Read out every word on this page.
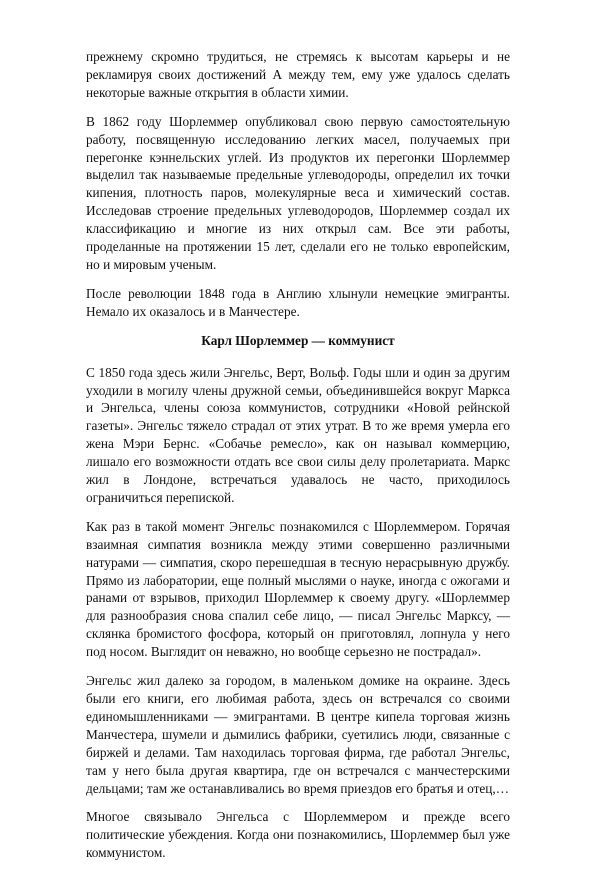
прежнему скромно трудиться, не стремясь к высотам карьеры и не рекламируя своих достижений А между тем, ему уже удалось сделать некоторые важные открытия в области химии.

В 1862 году Шорлеммер опубликовал свою первую самостоятельную работу, посвященную исследованию легких масел, получаемых при перегонке кэннельских углей. Из продуктов их перегонки Шорлеммер выделил так называемые предельные углеводороды, определил их точки кипения, плотность паров, молекулярные веса и химический состав. Исследовав строение предельных углеводородов, Шорлеммер создал их классификацию и многие из них открыл сам. Все эти работы, проделанные на протяжении 15 лет, сделали его не только европейским, но и мировым ученым.

После революции 1848 года в Англию хлынули немецкие эмигранты. Немало их оказалось и в Манчестере.

Карл Шорлеммер — коммунист

С 1850 года здесь жили Энгельс, Верт, Вольф. Годы шли и один за другим уходили в могилу члены дружной семьи, объединившейся вокруг Маркса и Энгельса, члены союза коммунистов, сотрудники «Новой рейнской газеты». Энгельс тяжело страдал от этих утрат. В то же время умерла его жена Мэри Бернс. «Собачье ремесло», как он называл коммерцию, лишало его возможности отдать все свои силы делу пролетариата. Маркс жил в Лондоне, встречаться удавалось не часто, приходилось ограничиться перепиской.

Как раз в такой момент Энгельс познакомился с Шорлеммером. Горячая взаимная симпатия возникла между этими совершенно различными натурами — симпатия, скоро перешедшая в тесную нерасрывную дружбу. Прямо из лаборатории, еще полный мыслями о науке, иногда с ожогами и ранами от взрывов, приходил Шорлеммер к своему другу. «Шорлеммер для разнообразия снова спалил себе лицо, — писал Энгельс Марксу, — склянка бромистого фосфора, который он приготовлял, лопнула у него под носом. Выглядит он неважно, но вообще серьезно не пострадал».

Энгельс жил далеко за городом, в маленьком домике на окраине. Здесь были его книги, его любимая работа, здесь он встречался со своими единомышленниками — эмигрантами. В центре кипела торговая жизнь Манчестера, шумели и дымились фабрики, суетились люди, связанные с биржей и делами. Там находилась торговая фирма, где работал Энгельс, там у него была другая квартира, где он встречался с манчестерскими дельцами; там же останавливались во время приездов его братья и отец,…

Многое связывало Энгельса с Шорлеммером и прежде всего политические убеждения. Когда они познакомились, Шорлеммер был уже коммунистом.
